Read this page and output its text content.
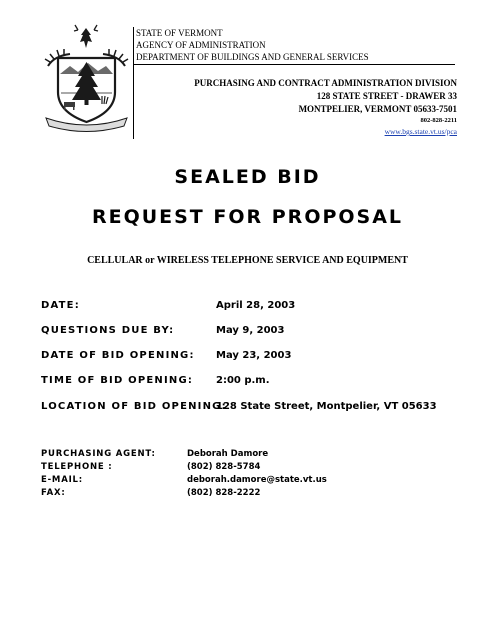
STATE OF VERMONT
AGENCY OF ADMINISTRATION
DEPARTMENT OF BUILDINGS AND GENERAL SERVICES
PURCHASING AND CONTRACT ADMINISTRATION DIVISION
128 STATE STREET - DRAWER 33
MONTPELIER, VERMONT 05633-7501
802-828-2211
www.bgs.state.vt.us/pca
SEALED BID
REQUEST FOR PROPOSAL
CELLULAR or WIRELESS TELEPHONE SERVICE AND EQUIPMENT
DATE:	April 28, 2003
QUESTIONS DUE BY:	May 9, 2003
DATE OF BID OPENING: May 23, 2003
TIME OF BID OPENING: 2:00 p.m.
LOCATION OF BID OPENING:
128 State Street, Montpelier, VT 05633
PURCHASING AGENT:	Deborah Damore
TELEPHONE :	(802) 828-5784
E-MAIL:	deborah.damore@state.vt.us
FAX:	(802) 828-2222
